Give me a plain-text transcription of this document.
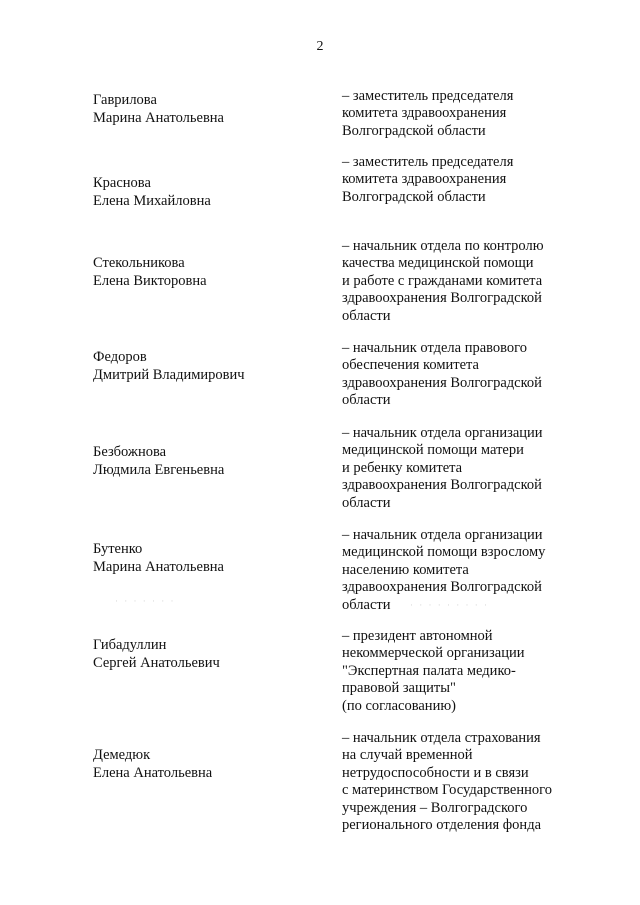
2
· · · · · · ·	· · · · · · · · ·
Гаврилова
Марина Анатольевна
– заместитель председателя
комитета здравоохранения
Волгоградской области
Краснова
Елена Михайловна
– заместитель председателя
комитета здравоохранения
Волгоградской области
Стекольникова
Елена Викторовна
– начальник отдела по контролю
качества медицинской помощи
и работе с гражданами комитета
здравоохранения Волгоградской
области
Федоров
Дмитрий Владимирович
– начальник отдела правового
обеспечения комитета
здравоохранения Волгоградской
области
Безбожнова
Людмила Евгеньевна
– начальник отдела организации
медицинской помощи матери
и ребенку комитета
здравоохранения Волгоградской
области
Бутенко
Марина Анатольевна
– начальник отдела организации
медицинской помощи взрослому
населению комитета
здравоохранения Волгоградской
области
Гибадуллин
Сергей Анатольевич
– президент автономной
некоммерческой организации
"Экспертная палата медико-
правовой защиты"
(по согласованию)
Демедюк
Елена Анатольевна
– начальник отдела страхования
на случай временной
нетрудоспособности и в связи
с материнством Государственного
учреждения – Волгоградского
регионального отделения фонда
